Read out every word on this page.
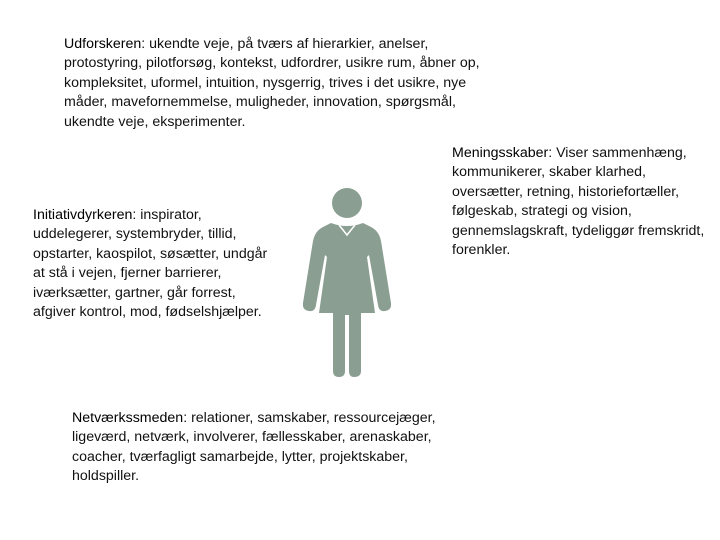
Udforskeren: ukendte veje, på tværs af hierarkier, anelser, protostyring, pilotforsøg, kontekst, udfordrer, usikre rum, åbner op, kompleksitet, uformel, intuition, nysgerrig, trives i det usikre, nye måder, mavefornemmelse, muligheder, innovation, spørgsmål, ukendte veje, eksperimenter.

Meningsskaber: Viser sammenhæng, kommunikerer, skaber klarhed, oversætter, retning, historiefortæller, følgeskab, strategi og vision, gennemslagskraft, tydeliggør fremskridt, forenkler.

Initiativdyrkeren: inspirator, uddelegerer, systembryder, tillid, opstarter, kaospilot, søsætter, undgår at stå i vejen, fjerner barrierer, iværksætter, gartner, går forrest, afgiver kontrol, mod, fødselshjælper.

Netværkssmeden: relationer, samskaber, ressourcejæger, ligeværd, netværk, involverer, fællesskaber, arenaskaber, coacher, tværfagligt samarbejde, lytter, projektskaber, holdspiller.
